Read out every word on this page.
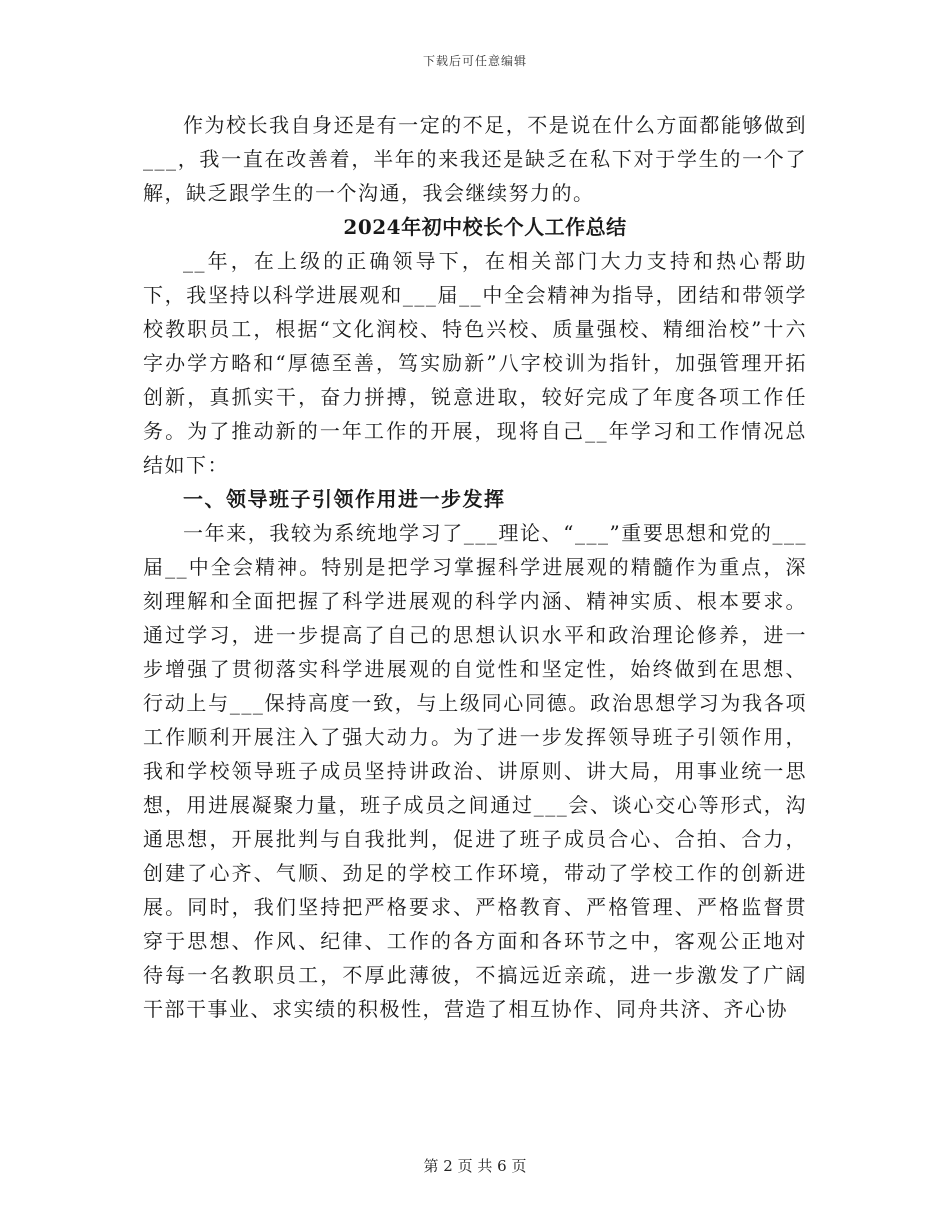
下载后可任意编辑

作为校长我自身还是有一定的不足，不是说在什么方面都能够做到___，我一直在改善着，半年的来我还是缺乏在私下对于学生的一个了解，缺乏跟学生的一个沟通，我会继续努力的。

2024年初中校长个人工作总结

__年，在上级的正确领导下，在相关部门大力支持和热心帮助下，我坚持以科学进展观和___届__中全会精神为指导，团结和带领学校教职员工，根据“文化润校、特色兴校、质量强校、精细治校”十六字办学方略和“厚德至善，笃实励新”八字校训为指针，加强管理开拓创新，真抓实干，奋力拼搏，锐意进取，较好完成了年度各项工作任务。为了推动新的一年工作的开展，现将自己__年学习和工作情况总结如下：

一、领导班子引领作用进一步发挥

一年来，我较为系统地学习了___理论、“___”重要思想和党的___届__中全会精神。特别是把学习掌握科学进展观的精髓作为重点，深刻理解和全面把握了科学进展观的科学内涵、精神实质、根本要求。通过学习，进一步提高了自己的思想认识水平和政治理论修养，进一步增强了贯彻落实科学进展观的自觉性和坚定性，始终做到在思想、行动上与___保持高度一致，与上级同心同德。政治思想学习为我各项工作顺利开展注入了强大动力。为了进一步发挥领导班子引领作用，我和学校领导班子成员坚持讲政治、讲原则、讲大局，用事业统一思想，用进展凝聚力量，班子成员之间通过___会、谈心交心等形式，沟通思想，开展批判与自我批判，促进了班子成员合心、合拍、合力，创建了心齐、气顺、劲足的学校工作环境，带动了学校工作的创新进展。同时，我们坚持把严格要求、严格教育、严格管理、严格监督贯穿于思想、作风、纪律、工作的各方面和各环节之中，客观公正地对待每一名教职员工，不厚此薄彼，不搞远近亲疏，进一步激发了广阔干部干事业、求实绩的积极性，营造了相互协作、同舟共济、齐心协

第 2 页 共 6 页
